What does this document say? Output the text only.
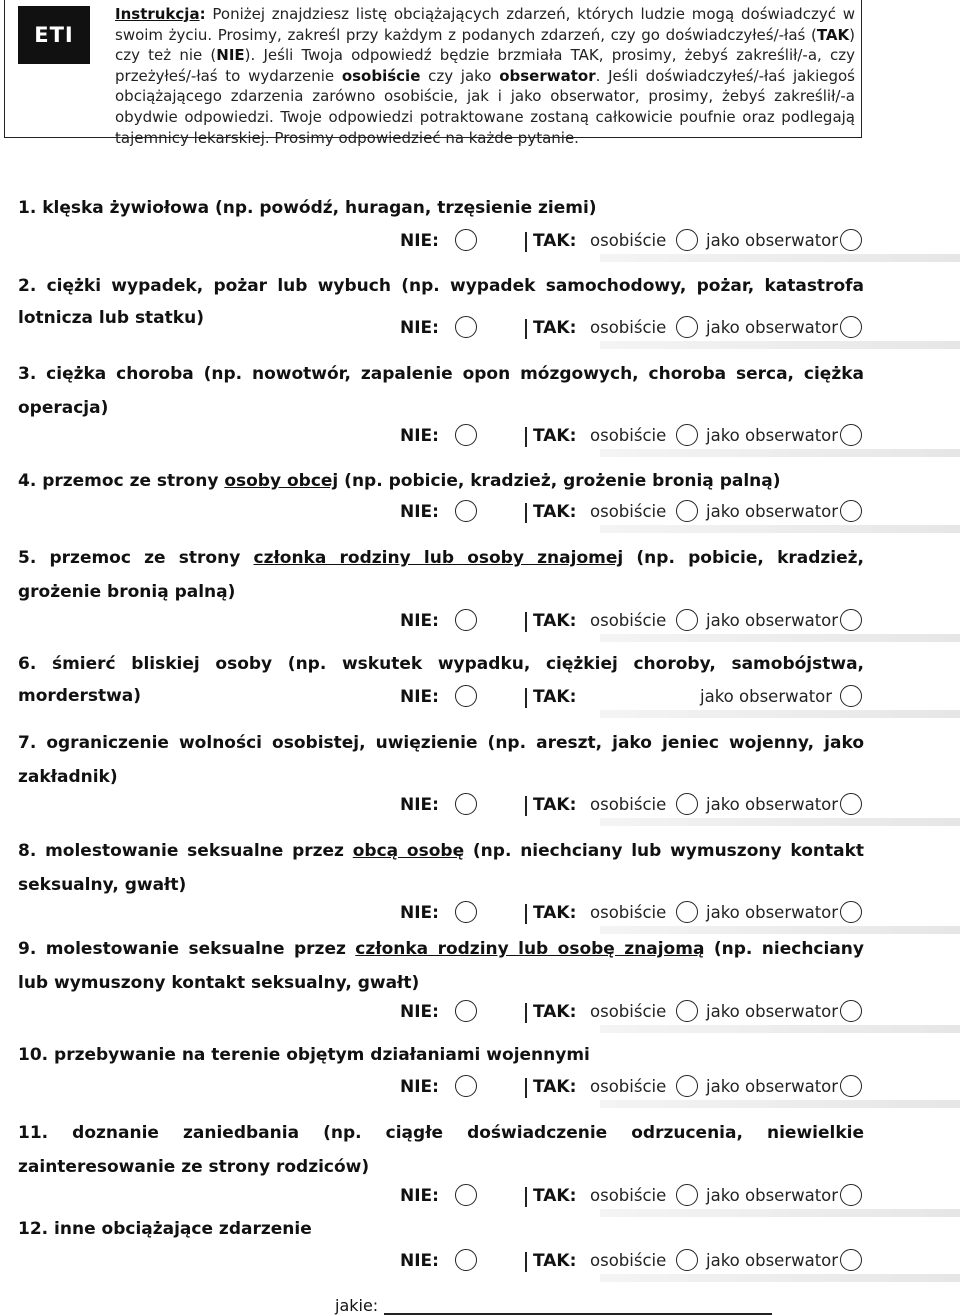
ETI
Instrukcja: Poniżej znajdziesz listę obciążających zdarzeń, których ludzie mogą doświadczyć w swoim życiu. Prosimy, zakreśl przy każdym z podanych zdarzeń, czy go doświadczyłeś/-łaś (TAK) czy też nie (NIE). Jeśli Twoja odpowiedź będzie brzmiała TAK, prosimy, żebyś zakreślił/-a, czy przeżyłeś/-łaś to wydarzenie osobiście czy jako obserwator. Jeśli doświadczyłeś/-łaś jakiegoś obciążającego zdarzenia zarówno osobiście, jak i jako obserwator, prosimy, żebyś zakreślił/-a obydwie odpowiedzi. Twoje odpowiedzi potraktowane zostaną całkowicie poufnie oraz podlegają tajemnicy lekarskiej. Prosimy odpowiedzieć na każde pytanie.
1. klęska żywiołowa (np. powódź, huragan, trzęsienie ziemi)
NIE:	TAK: osobiście jako obserwator
2. ciężki wypadek, pożar lub wybuch (np. wypadek samochodowy, pożar, katastrofa lotnicza lub statku)	NIE:	TAK: osobiście jako obserwator
3. ciężka choroba (np. nowotwór, zapalenie opon mózgowych, choroba serca, ciężka operacja)
NIE:	TAK: osobiście jako obserwator
4. przemoc ze strony osoby obcej (np. pobicie, kradzież, grożenie bronią palną)
NIE:	TAK: osobiście jako obserwator
5. przemoc ze strony członka rodziny lub osoby znajomej (np. pobicie, kradzież, grożenie bronią palną)
NIE:	TAK: osobiście jako obserwator
6. śmierć bliskiej osoby (np. wskutek wypadku, ciężkiej choroby, samobójstwa, morderstwa)	NIE:	TAK:	jako obserwator
7. ograniczenie wolności osobistej, uwięzienie (np. areszt, jako jeniec wojenny, jako zakładnik)
NIE:	TAK: osobiście jako obserwator
8. molestowanie seksualne przez obcą osobę (np. niechciany lub wymuszony kontakt seksualny, gwałt)
NIE:	TAK: osobiście jako obserwator
9. molestowanie seksualne przez członka rodziny lub osobę znajomą (np. niechciany lub wymuszony kontakt seksualny, gwałt)
NIE:	TAK: osobiście jako obserwator
10. przebywanie na terenie objętym działaniami wojennymi
NIE:	TAK: osobiście jako obserwator
11. doznanie zaniedbania (np. ciągłe doświadczenie odrzucenia, niewielkie zainteresowanie ze strony rodziców)
NIE:	TAK: osobiście jako obserwator
12. inne obciążające zdarzenie
NIE:	TAK: osobiście jako obserwator
jakie:
